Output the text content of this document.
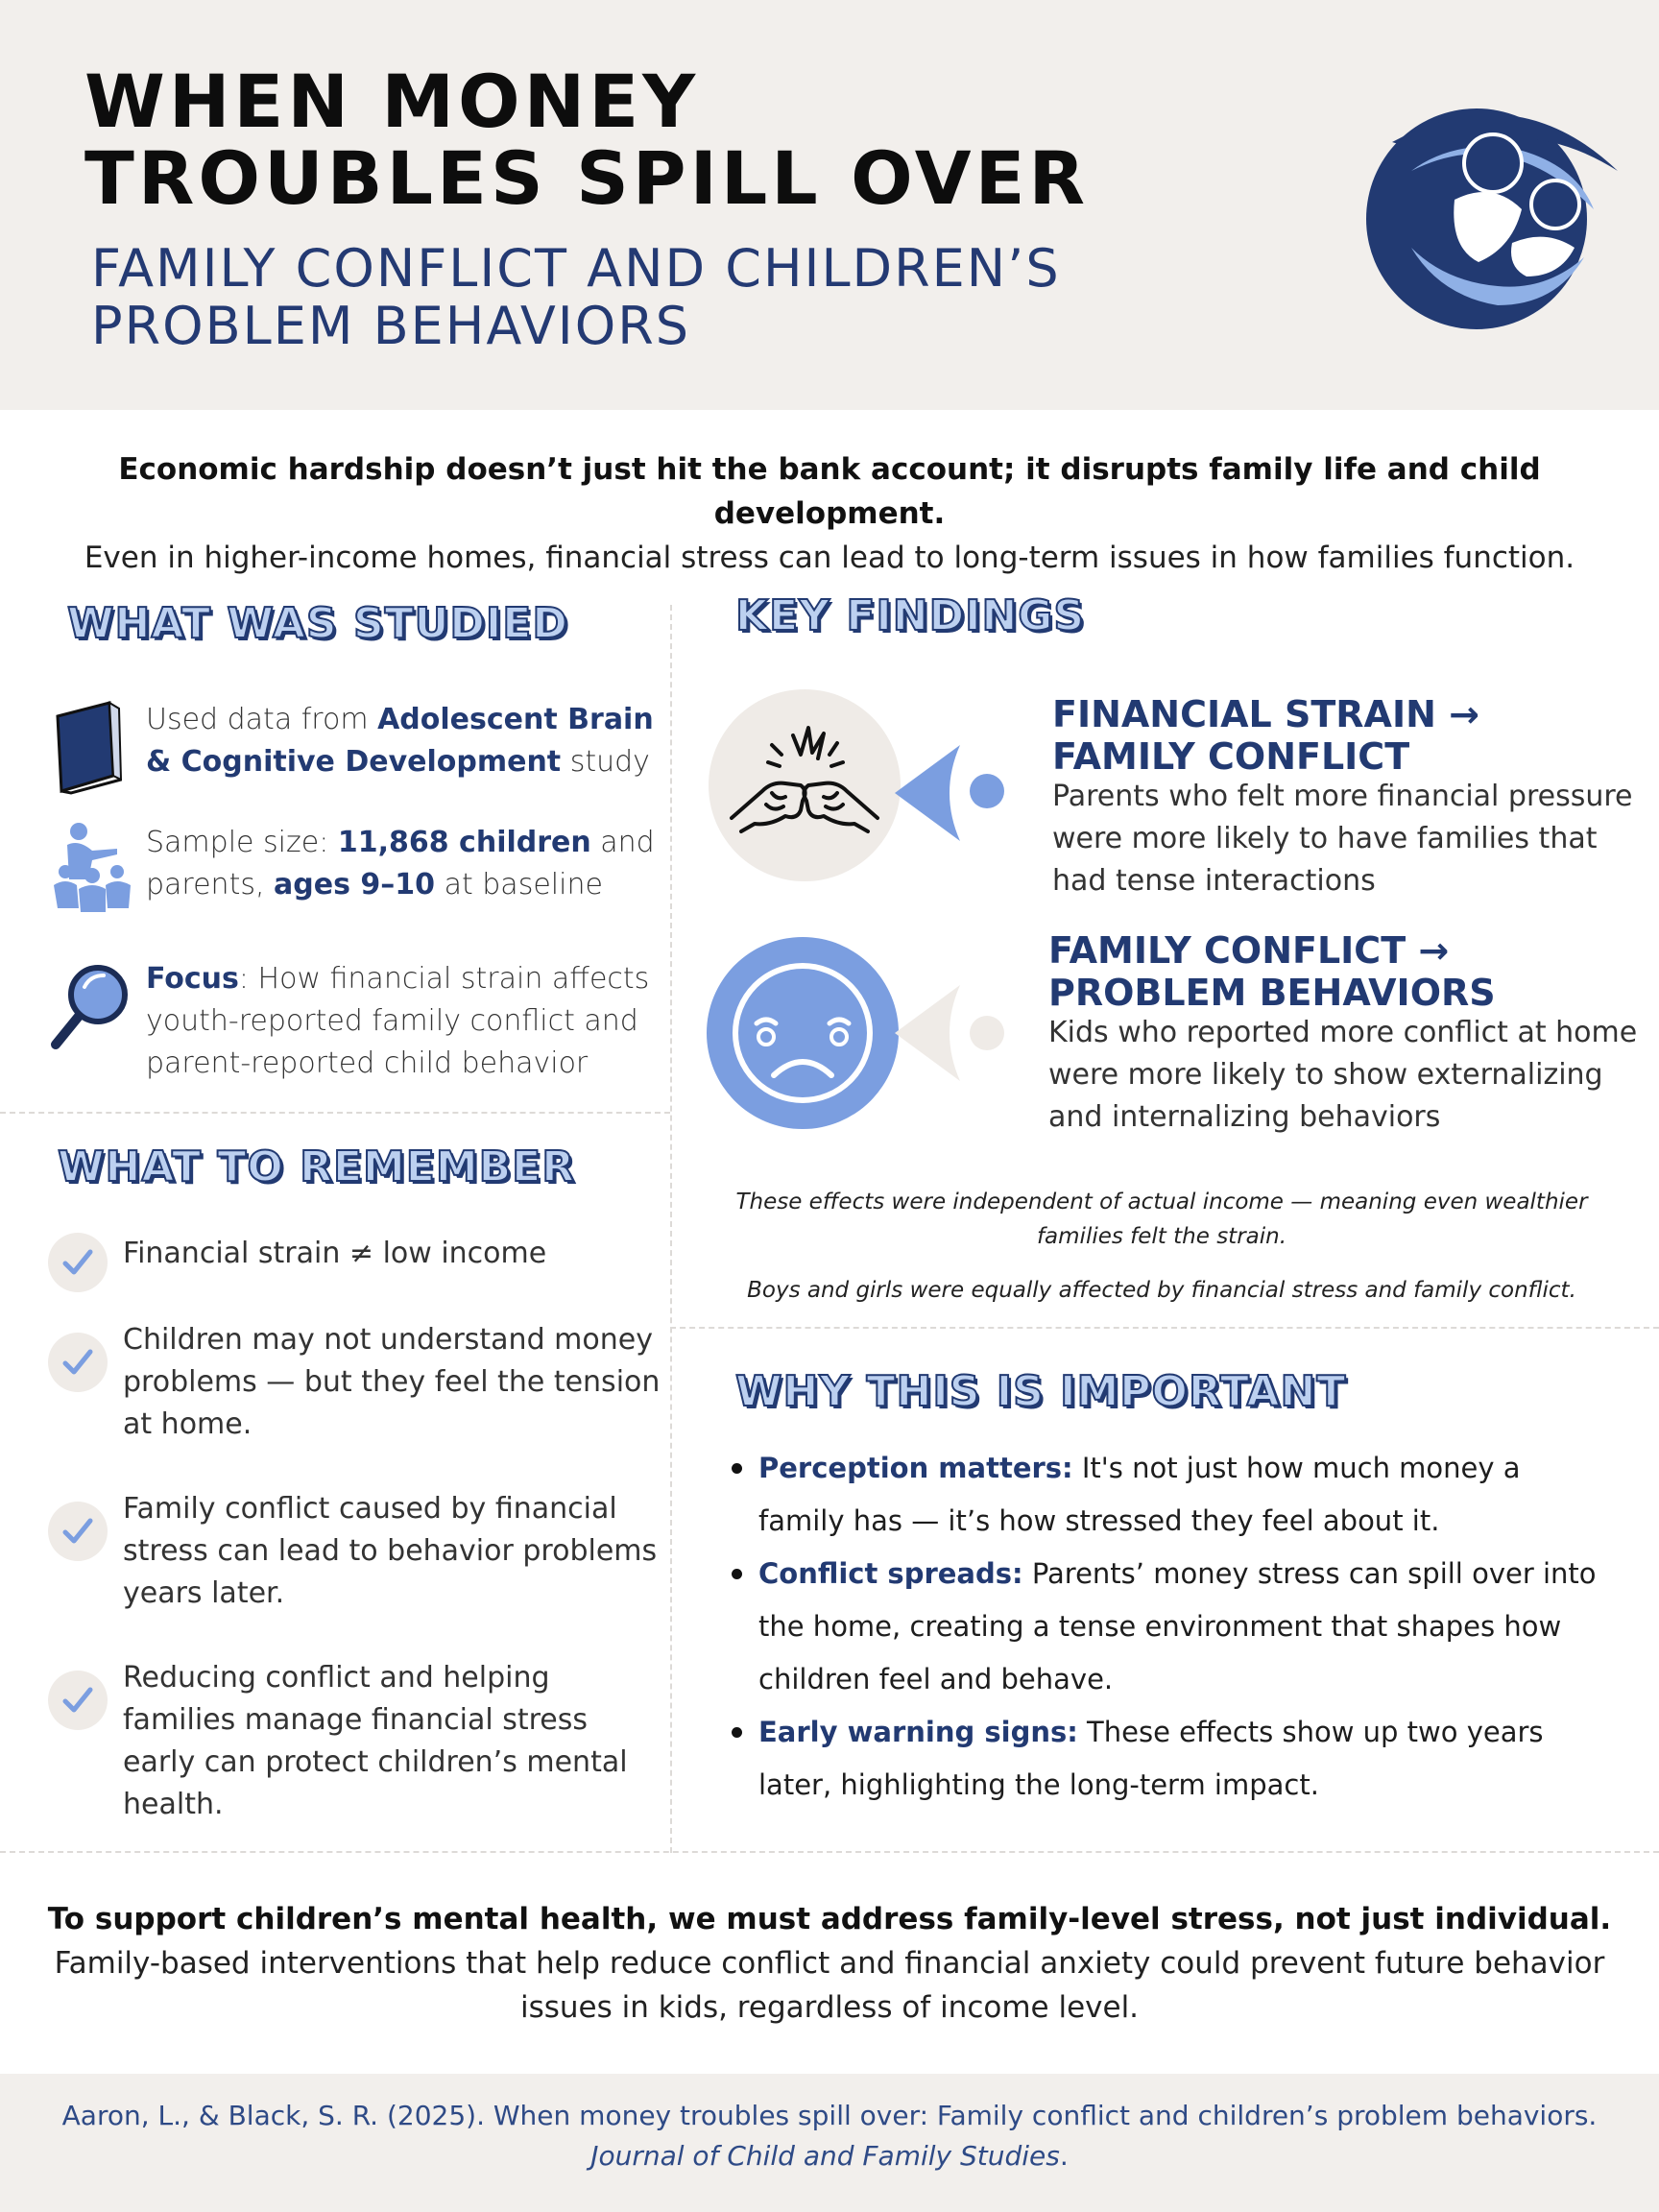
WHEN MONEY
TROUBLES SPILL OVER
FAMILY CONFLICT AND CHILDREN’S
PROBLEM BEHAVIORS
Economic hardship doesn’t just hit the bank account; it disrupts family life and child development.
Even in higher-income homes, financial stress can lead to long-term issues in how families function.
WHAT WAS STUDIED
Used data from Adolescent Brain & Cognitive Development study
Sample size: 11,868 children and parents, ages 9–10 at baseline
Focus: How financial strain affects youth-reported family conflict and parent-reported child behavior
WHAT TO REMEMBER
Financial strain ≠ low income
Children may not understand money problems — but they feel the tension at home.
Family conflict caused by financial stress can lead to behavior problems years later.
Reducing conflict and helping families manage financial stress early can protect children’s mental health.
KEY FINDINGS
FINANCIAL STRAIN →
FAMILY CONFLICT
Parents who felt more financial pressure were more likely to have families that had tense interactions
FAMILY CONFLICT →
PROBLEM BEHAVIORS
Kids who reported more conflict at home were more likely to show externalizing and internalizing behaviors
These effects were independent of actual income — meaning even wealthier families felt the strain.
Boys and girls were equally affected by financial stress and family conflict.
WHY THIS IS IMPORTANT
Perception matters: It's not just how much money a family has — it’s how stressed they feel about it.
Conflict spreads: Parents’ money stress can spill over into the home, creating a tense environment that shapes how children feel and behave.
Early warning signs: These effects show up two years later, highlighting the long-term impact.
To support children’s mental health, we must address family-level stress, not just individual.
Family-based interventions that help reduce conflict and financial anxiety could prevent future behavior issues in kids, regardless of income level.
Aaron, L., & Black, S. R. (2025). When money troubles spill over: Family conflict and children’s problem behaviors. Journal of Child and Family Studies.
